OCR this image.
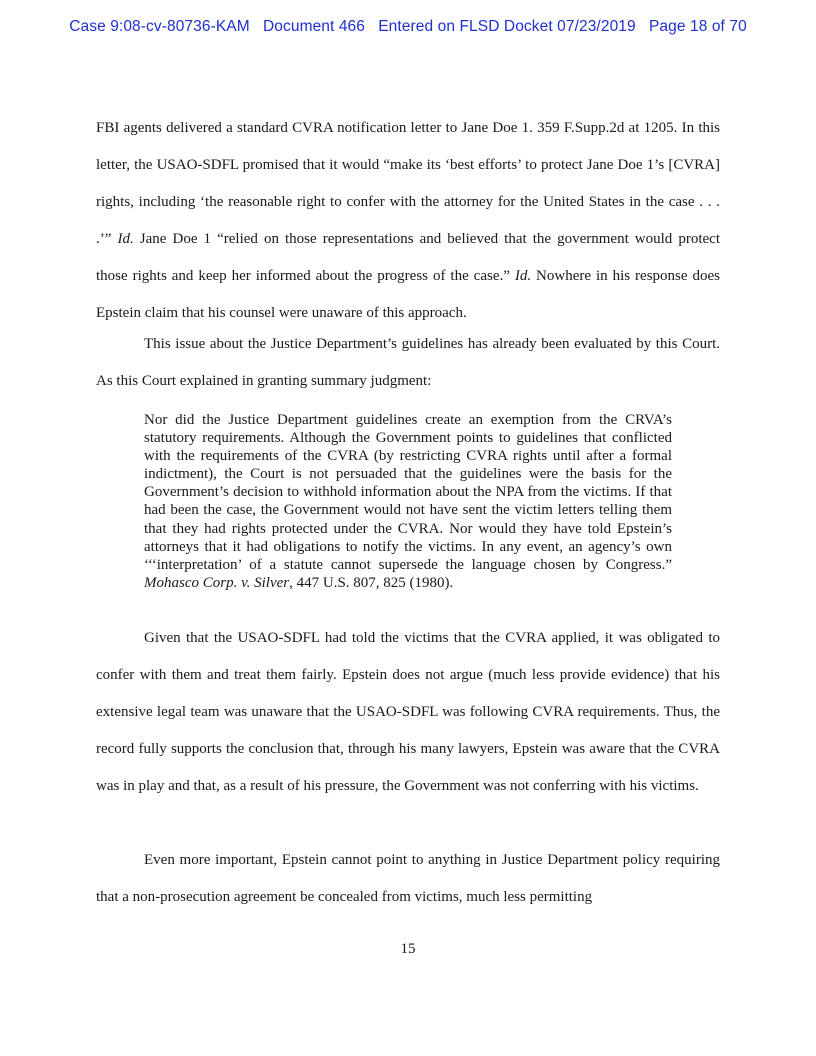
Case 9:08-cv-80736-KAM Document 466 Entered on FLSD Docket 07/23/2019 Page 18 of 70

FBI agents delivered a standard CVRA notification letter to Jane Doe 1. 359 F.Supp.2d at 1205. In this letter, the USAO-SDFL promised that it would “make its ‘best efforts’ to protect Jane Doe 1’s [CVRA] rights, including ‘the reasonable right to confer with the attorney for the United States in the case . . . .’” Id. Jane Doe 1 “relied on those representations and believed that the government would protect those rights and keep her informed about the progress of the case.” Id. Nowhere in his response does Epstein claim that his counsel were unaware of this approach.

This issue about the Justice Department’s guidelines has already been evaluated by this Court. As this Court explained in granting summary judgment:

Nor did the Justice Department guidelines create an exemption from the CRVA’s statutory requirements. Although the Government points to guidelines that conflicted with the requirements of the CVRA (by restricting CVRA rights until after a formal indictment), the Court is not persuaded that the guidelines were the basis for the Government’s decision to withhold information about the NPA from the victims. If that had been the case, the Government would not have sent the victim letters telling them that they had rights protected under the CVRA. Nor would they have told Epstein’s attorneys that it had obligations to notify the victims. In any event, an agency’s own ‘‘‘interpretation’ of a statute cannot supersede the language chosen by Congress.” Mohasco Corp. v. Silver, 447 U.S. 807, 825 (1980).

Given that the USAO-SDFL had told the victims that the CVRA applied, it was obligated to confer with them and treat them fairly. Epstein does not argue (much less provide evidence) that his extensive legal team was unaware that the USAO-SDFL was following CVRA requirements. Thus, the record fully supports the conclusion that, through his many lawyers, Epstein was aware that the CVRA was in play and that, as a result of his pressure, the Government was not conferring with his victims.

Even more important, Epstein cannot point to anything in Justice Department policy requiring that a non-prosecution agreement be concealed from victims, much less permitting

15
